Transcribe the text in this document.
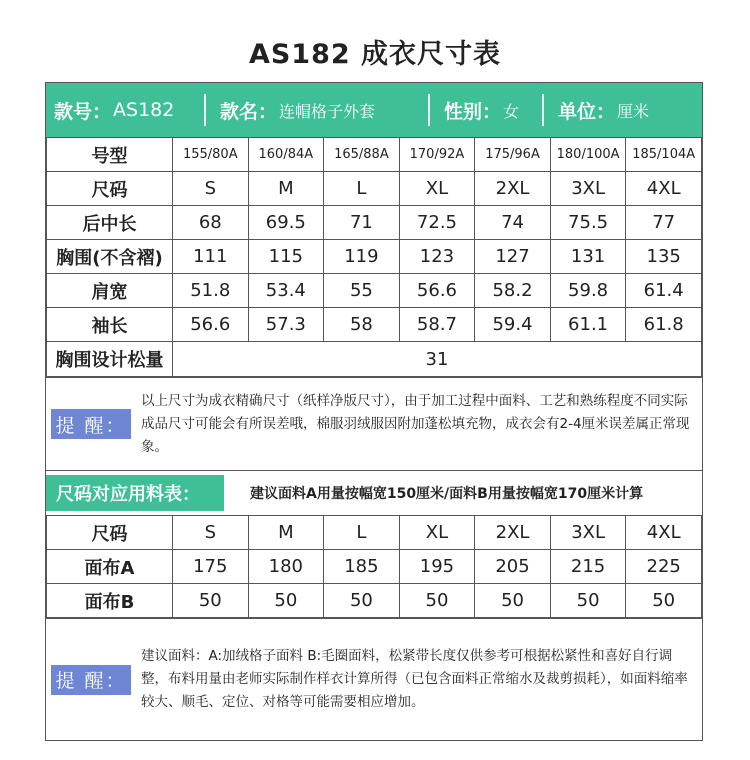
AS182 成衣尺寸表
款号： AS182 款名： 连帽格子外套	性别： 女 单位： 厘米
号型	155/80A	160/84A	165/88A	170/92A	175/96A	180/100A	185/104A
尺码	S	M	L	XL	2XL	3XL	4XL
后中长	68	69.5	71	72.5	74	75.5	77
胸围(不含褶)	111	115	119	123	127	131	135
肩宽	51.8	53.4	55	56.6	58.2	59.8	61.4
袖长	56.6	57.3	58	58.7	59.4	61.1	61.8
胸围设计松量	31						
提 醒：
以上尺寸为成衣精确尺寸（纸样净版尺寸），由于加工过程中面料、工艺和熟练程度不同实际成品尺寸可能会有所误差哦，棉服羽绒服因附加蓬松填充物，成衣会有2-4厘米误差属正常现象。
尺码对应用料表：	建议面料A用量按幅宽150厘米/面料B用量按幅宽170厘米计算
尺码	S	M	L	XL	2XL	3XL	4XL
面布A	175	180	185	195	205	215	225
面布B	50	50	50	50	50	50	50
提 醒：
建议面料：A:加绒格子面料 B:毛圈面料，松紧带长度仅供参考可根据松紧性和喜好自行调整，布料用量由老师实际制作样衣计算所得（已包含面料正常缩水及裁剪损耗），如面料缩率较大、顺毛、定位、对格等可能需要相应增加。
